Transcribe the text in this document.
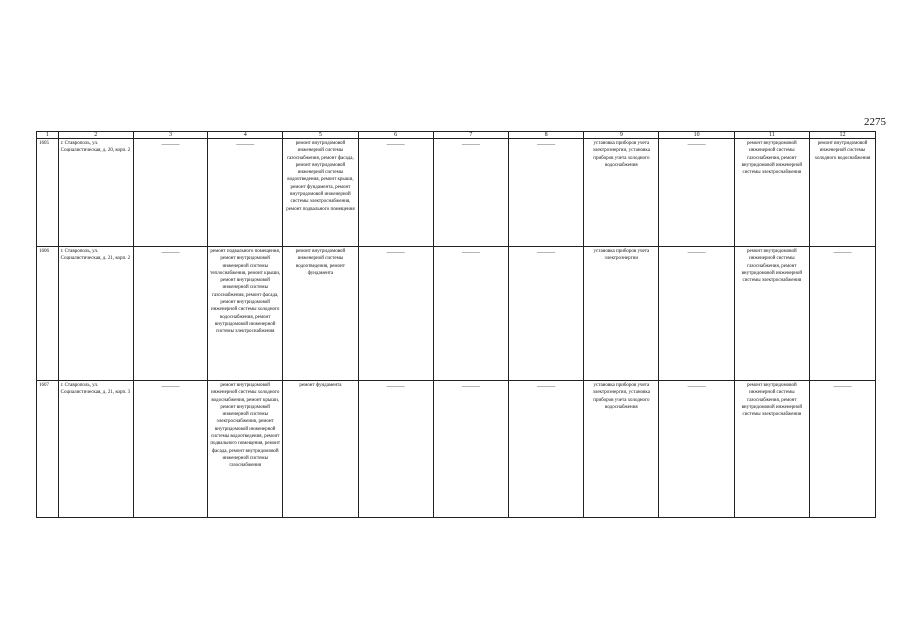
2275
1	2	3	4	5	6	7	8	9	10	11	12
1605	г. Ставрополь, ул. Социалистическая, д. 20, корп. 2	———	———	ремонт внутридомовой инженерной системы газоснабжения, ремонт фасада, ремонт внутридомовой инженерной системы водоотведения, ремонт крыши, ремонт фундамента, ремонт внутридомовой инженерной системы электроснабжения, ремонт подвального помещения	———	———	———	установка приборов учета электроэнергии, установка приборов учета холодного водоснабжения	———	ремонт внутридомовой инженерной системы газоснабжения, ремонт внутридомовой инженерной системы электроснабжения	ремонт внутридомовой инженерной системы холодного водоснабжения
1606	г. Ставрополь, ул. Социалистическая, д. 21, корп. 2	———	ремонт подвального помещения, ремонт внутридомовой инженерной системы теплоснабжения, ремонт крыши, ремонт внутридомовой инженерной системы газоснабжения, ремонт фасада, ремонт внутридомовой инженерной системы холодного водоснабжения, ремонт внутридомовой инженерной системы электроснабжения	ремонт внутридомовой инженерной системы водоотведения, ремонт фундамента	———	———	———	установка приборов учета электроэнергии	———	ремонт внутридомовой инженерной системы газоснабжения, ремонт внутридомовой инженерной системы электроснабжения	———
1607	г. Ставрополь, ул. Социалистическая, д. 21, корп. 3	———	ремонт внутридомовой инженерной системы холодного водоснабжения, ремонт крыши, ремонт внутридомовой инженерной системы электроснабжения, ремонт внутридомовой инженерной системы водоотведения, ремонт подвального помещения, ремонт фасада, ремонт внутридомовой инженерной системы газоснабжения	ремонт фундамента	———	———	———	установка приборов учета электроэнергии, установка приборов учета холодного водоснабжения	———	ремонт внутридомовой инженерной системы газоснабжения, ремонт внутридомовой инженерной системы электроснабжения	———
